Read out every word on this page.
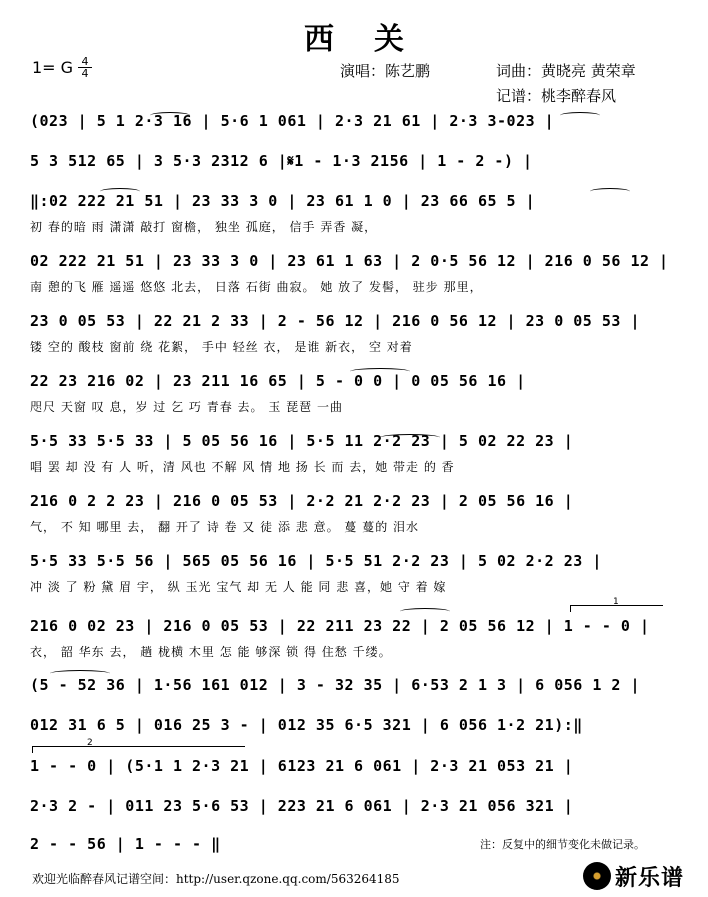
西关
1= G 4
4	演唱：陈艺鹏	词曲：黄晓亮 黄荣章
记谱：桃李醉春风
1
2
(023 | 5 1 2·3 16 | 5·6 1 061 | 2·3 21 61 | 2·3 3-023 |
5 3 512 65 | 3 5·3 2312 6 |𝄋1 - 1·3 2156 | 1 - 2 -) |
‖:02 222 21 51 | 23 33 3 0 | 23 61 1 0 | 23 66 65 5 |
初 春的暗 雨 潇潇 敲打 窗檐， 独坐 孤庭， 信手 弄香 凝，
02 222 21 51 | 23 33 3 0 | 23 61 1 63 | 2 0·5 56 12 | 216 0 56 12 |
南 憩的飞 雁 遥遥 悠悠 北去， 日落 石街 曲寂。 她 放了 发髻， 驻步 那里，
23 0 05 53 | 22 21 2 33 | 2 - 56 12 | 216 0 56 12 | 23 0 05 53 |
镂 空的 酸枝 窗前 绕 花絮， 手中 轻丝 衣， 是谁 新衣， 空 对着
22 23 216 02 | 23 211 16 65 | 5 - 0 0 | 0 05 56 16 |
咫尺 天窗 叹 息，岁 过 乞 巧 青春 去。 玉 琵琶 一曲
5·5 33 5·5 33 | 5 05 56 16 | 5·5 11 2·2 23 | 5 02 22 23 |
唱 罢 却 没 有 人 听，清 风也 不解 风 情 地 扬 长 而 去，她 带走 的 香
216 0 2 2 23 | 216 0 05 53 | 2·2 21 2·2 23 | 2 05 56 16 |
气， 不 知 哪里 去， 翻 开了 诗 卷 又 徒 添 悲 意。 蔓 蔓的 泪水
5·5 33 5·5 56 | 565 05 56 16 | 5·5 51 2·2 23 | 5 02 2·2 23 |
冲 淡 了 粉 黛 眉 宇， 纵 玉光 宝气 却 无 人 能 同 悲 喜，她 守 着 嫁
216 0 02 23 | 216 0 05 53 | 22 211 23 22 | 2 05 56 12 | 1 - - 0 |
衣， 韶 华东 去， 趟 栊横 木里 怎 能 够深 锁 得 住愁 千缕。
(5 - 52 36 | 1·56 161 012 | 3 - 32 35 | 6·53 2 1 3 | 6 056 1 2 |
012 31 6 5 | 016 25 3 - | 012 35 6·5 321 | 6 056 1·2 21):‖
1 - - 0 | (5·1 1 2·3 21 | 6123 21 6 061 | 2·3 21 053 21 |
2·3 2 - | 011 23 5·6 53 | 223 21 6 061 | 2·3 21 056 321 |
2 - - 56 | 1 - - - ‖	注：反复中的细节变化未做记录。
欢迎光临醉春风记谱空间：http://user.qzone.qq.com/563264185	新乐谱
